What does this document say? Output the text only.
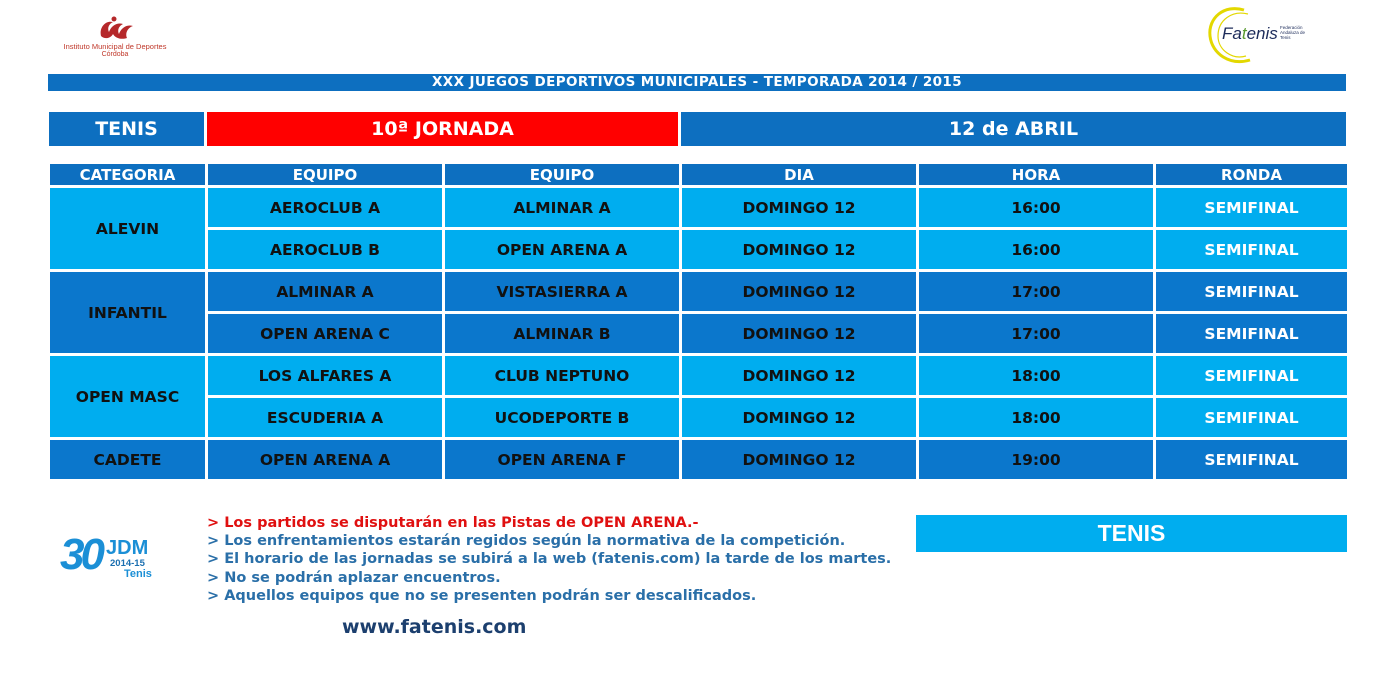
Instituto Municipal de Deportes
Córdoba
Fatenis Federación Andaluza de Tenis
XXX JUEGOS DEPORTIVOS MUNICIPALES - TEMPORADA 2014 / 2015
TENIS	10ª JORNADA	12 de ABRIL
CATEGORIA	EQUIPO	EQUIPO	DIA	HORA	RONDA
ALEVIN	AEROCLUB A	ALMINAR A	DOMINGO 12	16:00	SEMIFINAL
	AEROCLUB B	OPEN ARENA A	DOMINGO 12	16:00	SEMIFINAL
INFANTIL	ALMINAR A	VISTASIERRA A	DOMINGO 12	17:00	SEMIFINAL
	OPEN ARENA C	ALMINAR B	DOMINGO 12	17:00	SEMIFINAL
OPEN MASC	LOS ALFARES A	CLUB NEPTUNO	DOMINGO 12	18:00	SEMIFINAL
	ESCUDERIA A	UCODEPORTE B	DOMINGO 12	18:00	SEMIFINAL
CADETE	OPEN ARENA A	OPEN ARENA F	DOMINGO 12	19:00	SEMIFINAL
30 JDM
2014-15
Tenis
> Los partidos se disputarán en las Pistas de OPEN ARENA.-
> Los enfrentamientos estarán regidos según la normativa de la competición.
> El horario de las jornadas se subirá a la web (fatenis.com) la tarde de los martes.
> No se podrán aplazar encuentros.
> Aquellos equipos que no se presenten podrán ser descalificados.
www.fatenis.com
TENIS
